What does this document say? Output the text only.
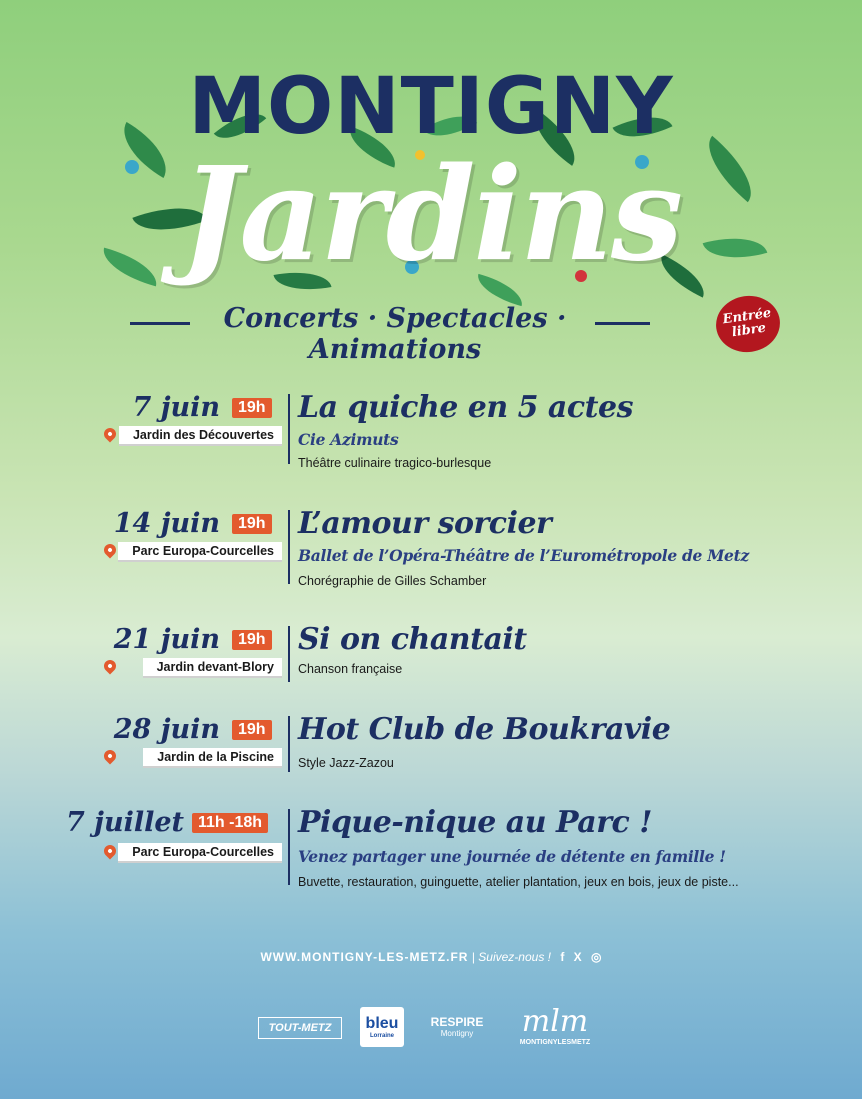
MONTIGNY
Jardins
Concerts · Spectacles · Animations
Entrée libre
7 juin	19h
Jardin des Découvertes
La quiche en 5 actes
Cie Azimuts
Théâtre culinaire tragico-burlesque
14 juin	19h
Parc Europa-Courcelles
L’amour sorcier
Ballet de l’Opéra-Théâtre de l’Eurométropole de Metz
Chorégraphie de Gilles Schamber
21 juin	19h
Jardin devant-Blory
Si on chantait
Chanson française
28 juin	19h
Jardin de la Piscine
Hot Club de Boukravie
Style Jazz-Zazou
7 juillet 11h -18h
Parc Europa-Courcelles
Pique-nique au Parc !
Venez partager une journée de détente en famille !
Buvette, restauration, guinguette, atelier plantation, jeux en bois, jeux de piste...
WWW.MONTIGNY-LES-METZ.FR | Suivez-nous ! f X ◎
TOUT-METZ	bleu
Lorraine
RESPIRE
Montigny	mlm
MONTIGNYLESMETZ
